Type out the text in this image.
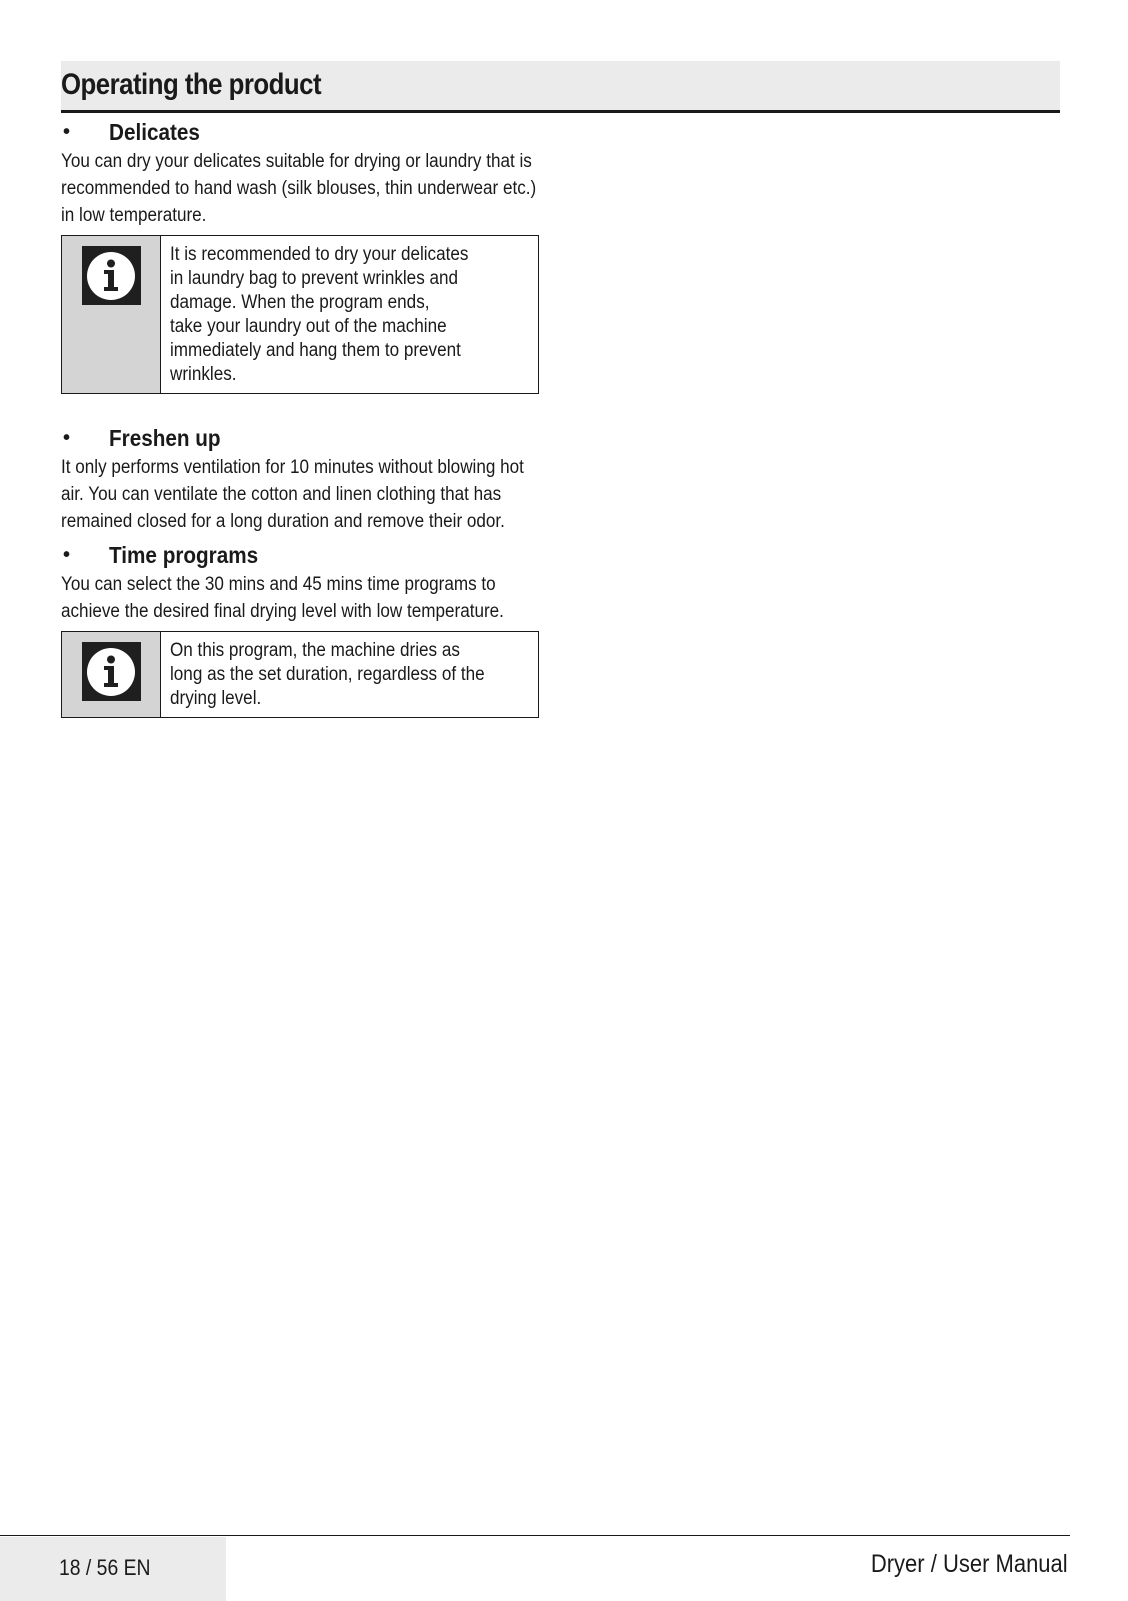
Operating the product
•	Delicates

You can dry your delicates suitable for drying or laundry that is recommended to hand wash (silk blouses, thin underwear etc.) in low temperature.

It is recommended to dry your delicates
in laundry bag to prevent wrinkles and
damage. When the program ends,
take your laundry out of the machine
immediately and hang them to prevent
wrinkles.

•	Freshen up

It only performs ventilation for 10 minutes without blowing hot air. You can ventilate the cotton and linen clothing that has remained closed for a long duration and remove their odor.

•	Time programs

You can select the 30 mins and 45 mins time programs to achieve the desired final drying level with low temperature.

On this program, the machine dries as
long as the set duration, regardless of the
drying level.

18 / 56 EN	Dryer / User Manual
